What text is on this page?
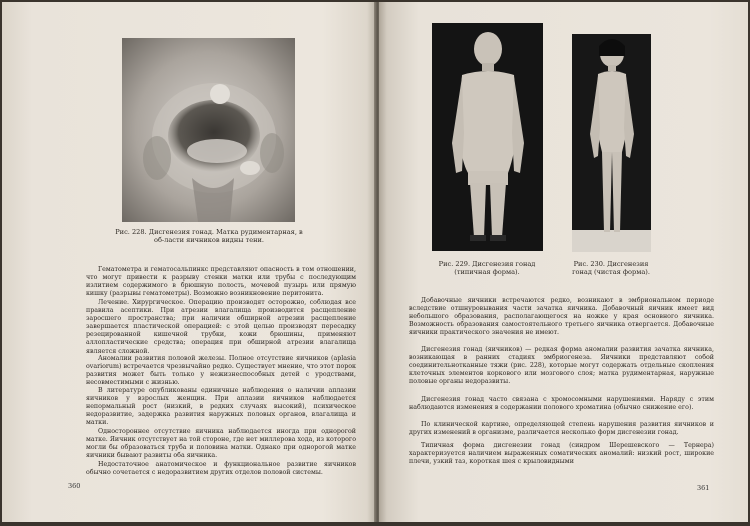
Рис. 228. Дисгенезия гонад. Матка рудиментарная, в об-ласти яичников видны тени.

Гематометра и гематосальпинкс представляют опасность в том отношении, что могут привести к разрыву стенки матки или трубы с последующим излитием содержимого в брюшную полость, мочевой пузырь или прямую кишку (разрывы гематометры). Возможно возникновение перитонита.

Лечение. Хирургическое. Операцию производят осторожно, соблюдая все правила асептики. При атрезии влагалища производится расщепление заросшего пространства; при наличии обширной атрезии расщепление завершается пластической операцией: с этой целью производят пересадку резецированной кишечной трубки, кожи брюшины, применяют аллопластические средства; операция при обширной атрезии влагалища является сложной.

Аномалии развития половой железы. Полное отсутствие яичников (aplasia ovariorum) встречается чрезвычайно редко. Существует мнение, что этот порок развития может быть только у нежизнеспособных детей с уродствами, несовместимыми с жизнью.

В литературе опубликованы единичные наблюдения о наличии аплазии яичников у взрослых женщин. При аплазии яичников наблюдается непормальный рост (низкий, в редких случаях высокий), психическое недоразвитие, задержка развития наружных половых органов, влагалища и матки.

Одностороннее отсутствие яичника наблюдается иногда при однорогой матке. Яичник отсутствует на той стороне, где нет миллерова хода, из которого могли бы образоваться труба и половина матки. Однако при однорогой матке яичники бывают развиты оба яичника.

Недостаточное анатомическое и функциональное развитие яичников обычно сочетается с недоразвитием других отделов половой системы.

360
Рис. 229. Дисгенезия гонад (типичная форма).
Рис. 230. Дисгенезия гонад (чистая форма).

Добавочные яичники встречаются редко, возникают в эмбриональном периоде вследствие отшнуровывания части зачатка яичника. Добавочный яичник имеет вид небольшого образования, располагающегося на ножке у края основного яичника. Возможность образования самостоятельного третьего яичника отвергается. Добавочные яичники практического значения не имеют.

Дисгенезия гонад (яичников) — редкая форма аномалии развития зачатка яичника, возникающая в ранних стадиях эмбриогенеза. Яичники представляют собой соединительнотканные тяжи (рис. 228), которые могут содержать отдельные скопления клеточных элементов коркового или мозгового слоя; матка рудиментарная, наружные половые органы недоразвиты.

Дисгенезия гонад часто связана с хромосомными нарушениями. Наряду с этим наблюдаются изменения в содержании полового хроматина (обычно снижение его).

По клинической картине, определяющей степень нарушения развития яичников и других изменений в организме, различается несколько форм дисгенезии гонад.

Типичная форма дисгенезии гонад (синдром Шерешевского — Тернера) характеризуется наличием выраженных соматических аномалий: низкий рост, широкие плечи, узкий таз, короткая шея с крыловидными

361
